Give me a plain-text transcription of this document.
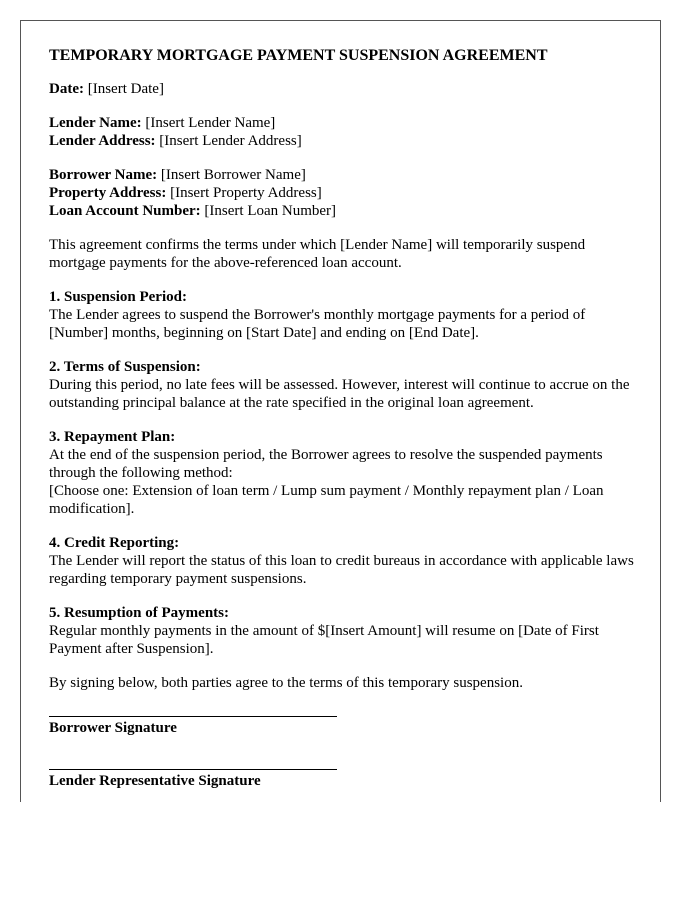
TEMPORARY MORTGAGE PAYMENT SUSPENSION AGREEMENT
Date: [Insert Date]
Lender Name: [Insert Lender Name]
Lender Address: [Insert Lender Address]
Borrower Name: [Insert Borrower Name]
Property Address: [Insert Property Address]
Loan Account Number: [Insert Loan Number]
This agreement confirms the terms under which [Lender Name] will temporarily suspend mortgage payments for the above-referenced loan account.
1. Suspension Period:
The Lender agrees to suspend the Borrower's monthly mortgage payments for a period of [Number] months, beginning on [Start Date] and ending on [End Date].
2. Terms of Suspension:
During this period, no late fees will be assessed. However, interest will continue to accrue on the outstanding principal balance at the rate specified in the original loan agreement.
3. Repayment Plan:
At the end of the suspension period, the Borrower agrees to resolve the suspended payments through the following method:
[Choose one: Extension of loan term / Lump sum payment / Monthly repayment plan / Loan modification].
4. Credit Reporting:
The Lender will report the status of this loan to credit bureaus in accordance with applicable laws regarding temporary payment suspensions.
5. Resumption of Payments:
Regular monthly payments in the amount of $[Insert Amount] will resume on [Date of First Payment after Suspension].
By signing below, both parties agree to the terms of this temporary suspension.
Borrower Signature
Lender Representative Signature
